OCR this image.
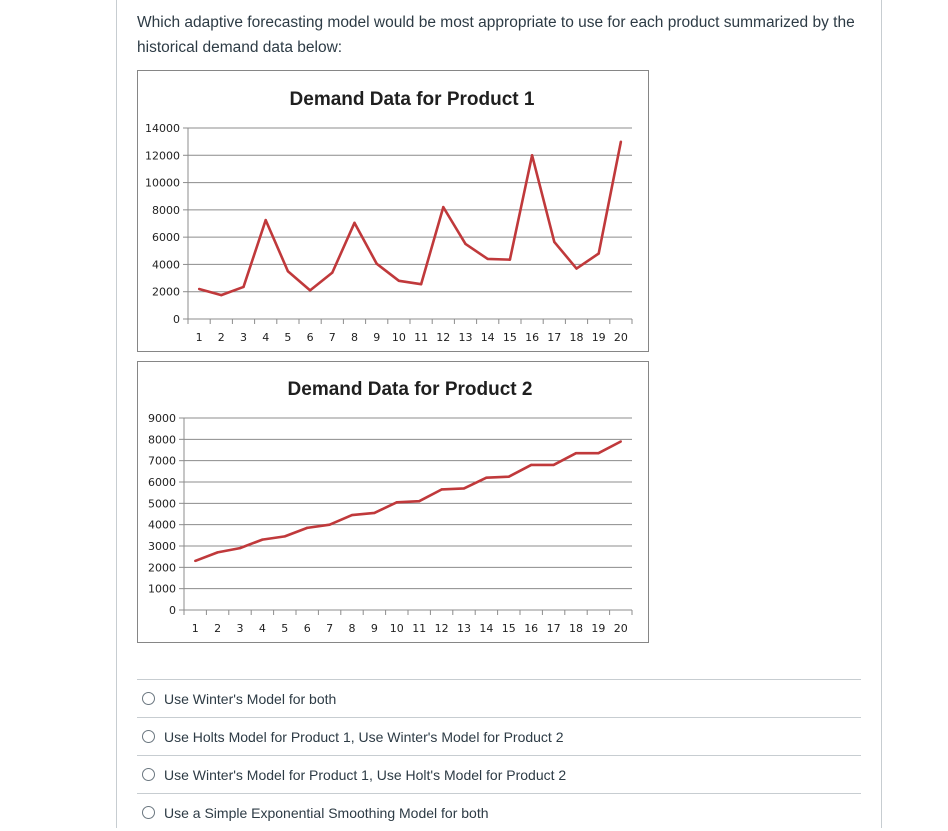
Which adaptive forecasting model would be most appropriate to use for each product summarized by the historical demand data below:

Demand Data for Product 1
0
2000
4000
6000
8000
10000
12000
14000
1 2 3 4 5 6 7 8 9 10 11 12 13 14 15 16 17 18 19 20
Demand Data for Product 2
0
1000
2000
3000
4000
5000
6000
7000
8000
9000
1 2 3 4 5 6 7 8 9 10 11 12 13 14 15 16 17 18 19 20
Use Winter's Model for both
Use Holts Model for Product 1, Use Winter's Model for Product 2
Use Winter's Model for Product 1, Use Holt's Model for Product 2
Use a Simple Exponential Smoothing Model for both
